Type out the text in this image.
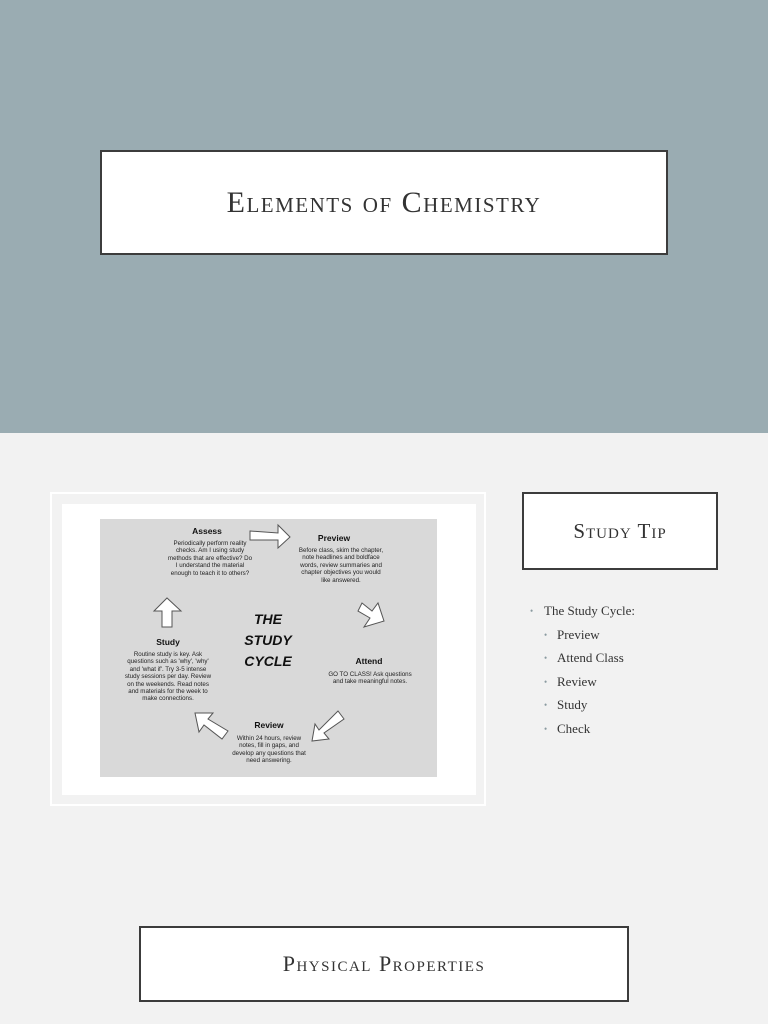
Elements of Chemistry
Preview
Before class, skim the chapter,
note headlines and boldface
words, review summaries and
chapter objectives you would
like answered.
Attend
GO TO CLASS! Ask questions
and take meaningful notes.
Review
Within 24 hours, review
notes, fill in gaps, and
develop any questions that
need answering.
Study
Routine study is key. Ask
questions such as 'why', 'why'
and 'what if'. Try 3-5 intense
study sessions per day. Review
on the weekends. Read notes
and materials for the week to
make connections.
Assess
Periodically perform reality
checks. Am I using study
methods that are effective? Do
I understand the material
enough to teach it to others?
THE
STUDY
CYCLE
Study Tip
• The Study Cycle:
• Preview
• Attend Class
• Review
• Study
• Check
Physical Properties
